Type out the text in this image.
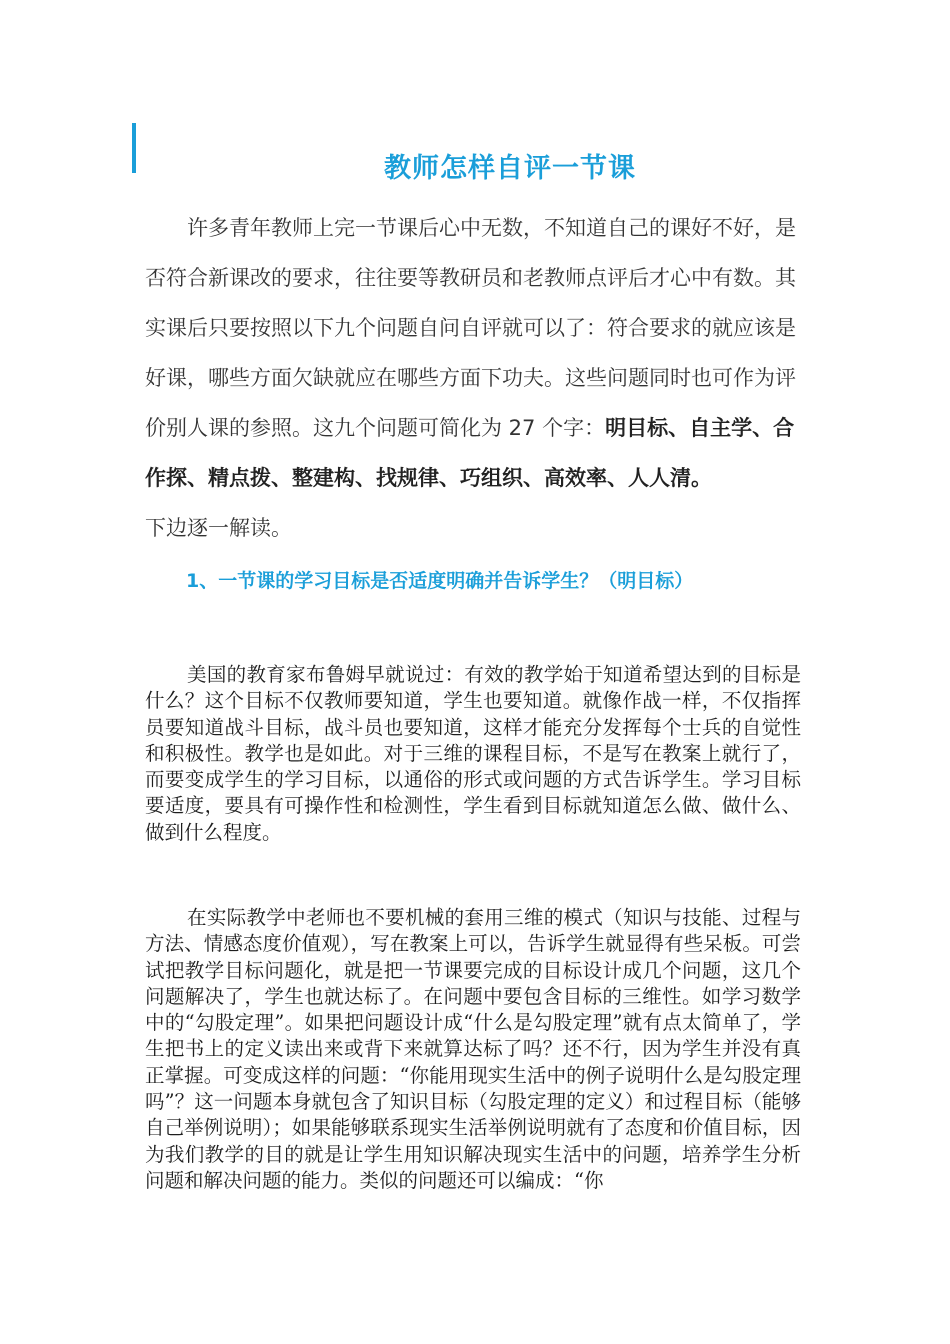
教师怎样自评一节课

许多青年教师上完一节课后心中无数，不知道自己的课好不好，是否符合新课改的要求，往往要等教研员和老教师点评后才心中有数。其实课后只要按照以下九个问题自问自评就可以了：符合要求的就应该是好课，哪些方面欠缺就应在哪些方面下功夫。这些问题同时也可作为评价别人课的参照。这九个问题可简化为 27 个字：明目标、自主学、合作探、精点拨、整建构、找规律、巧组织、高效率、人人清。
下边逐一解读。

1、一节课的学习目标是否适度明确并告诉学生？（明目标）

美国的教育家布鲁姆早就说过：有效的教学始于知道希望达到的目标是什么？这个目标不仅教师要知道，学生也要知道。就像作战一样，不仅指挥员要知道战斗目标，战斗员也要知道，这样才能充分发挥每个士兵的自觉性和积极性。教学也是如此。对于三维的课程目标，不是写在教案上就行了，而要变成学生的学习目标，以通俗的形式或问题的方式告诉学生。学习目标要适度，要具有可操作性和检测性，学生看到目标就知道怎么做、做什么、做到什么程度。

在实际教学中老师也不要机械的套用三维的模式（知识与技能、过程与方法、情感态度价值观），写在教案上可以，告诉学生就显得有些呆板。可尝试把教学目标问题化，就是把一节课要完成的目标设计成几个问题，这几个问题解决了，学生也就达标了。在问题中要包含目标的三维性。如学习数学中的“勾股定理”。如果把问题设计成“什么是勾股定理”就有点太简单了，学生把书上的定义读出来或背下来就算达标了吗？还不行，因为学生并没有真正掌握。可变成这样的问题：“你能用现实生活中的例子说明什么是勾股定理吗”？这一问题本身就包含了知识目标（勾股定理的定义）和过程目标（能够自己举例说明）；如果能够联系现实生活举例说明就有了态度和价值目标，因为我们教学的目的就是让学生用知识解决现实生活中的问题，培养学生分析问题和解决问题的能力。类似的问题还可以编成：“你
